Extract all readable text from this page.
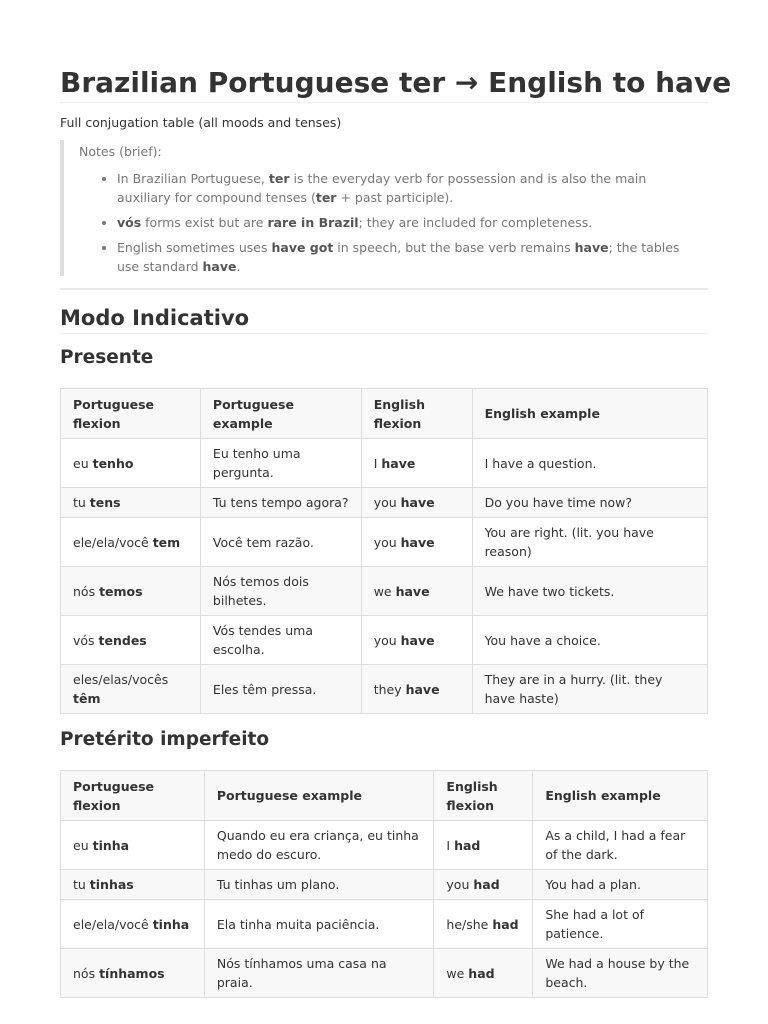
Brazilian Portuguese ter → English to have
Full conjugation table (all moods and tenses)
Notes (brief):
• In Brazilian Portuguese, ter is the everyday verb for possession and is also the main auxiliary for compound tenses (ter + past participle).
• vós forms exist but are rare in Brazil; they are included for completeness.
• English sometimes uses have got in speech, but the base verb remains have; the tables use standard have.
Modo Indicativo
Presente
Portuguese flexion	Portuguese example	English flexion	English example
eu tenho	Eu tenho uma pergunta.	I have	I have a question.
tu tens	Tu tens tempo agora?	you have	Do you have time now?
ele/ela/você tem	Você tem razão.	you have	You are right. (lit. you have reason)
nós temos	Nós temos dois bilhetes.	we have	We have two tickets.
vós tendes	Vós tendes uma escolha.	you have	You have a choice.
eles/elas/vocês têm	Eles têm pressa.	they have	They are in a hurry. (lit. they have haste)
Pretérito imperfeito
Portuguese flexion	Portuguese example	English flexion	English example
eu tinha	Quando eu era criança, eu tinha medo do escuro.	I had	As a child, I had a fear of the dark.
tu tinhas	Tu tinhas um plano.	you had	You had a plan.
ele/ela/você tinha	Ela tinha muita paciência.	he/she had	She had a lot of patience.
nós tínhamos	Nós tínhamos uma casa na praia.	we had	We had a house by the beach.
